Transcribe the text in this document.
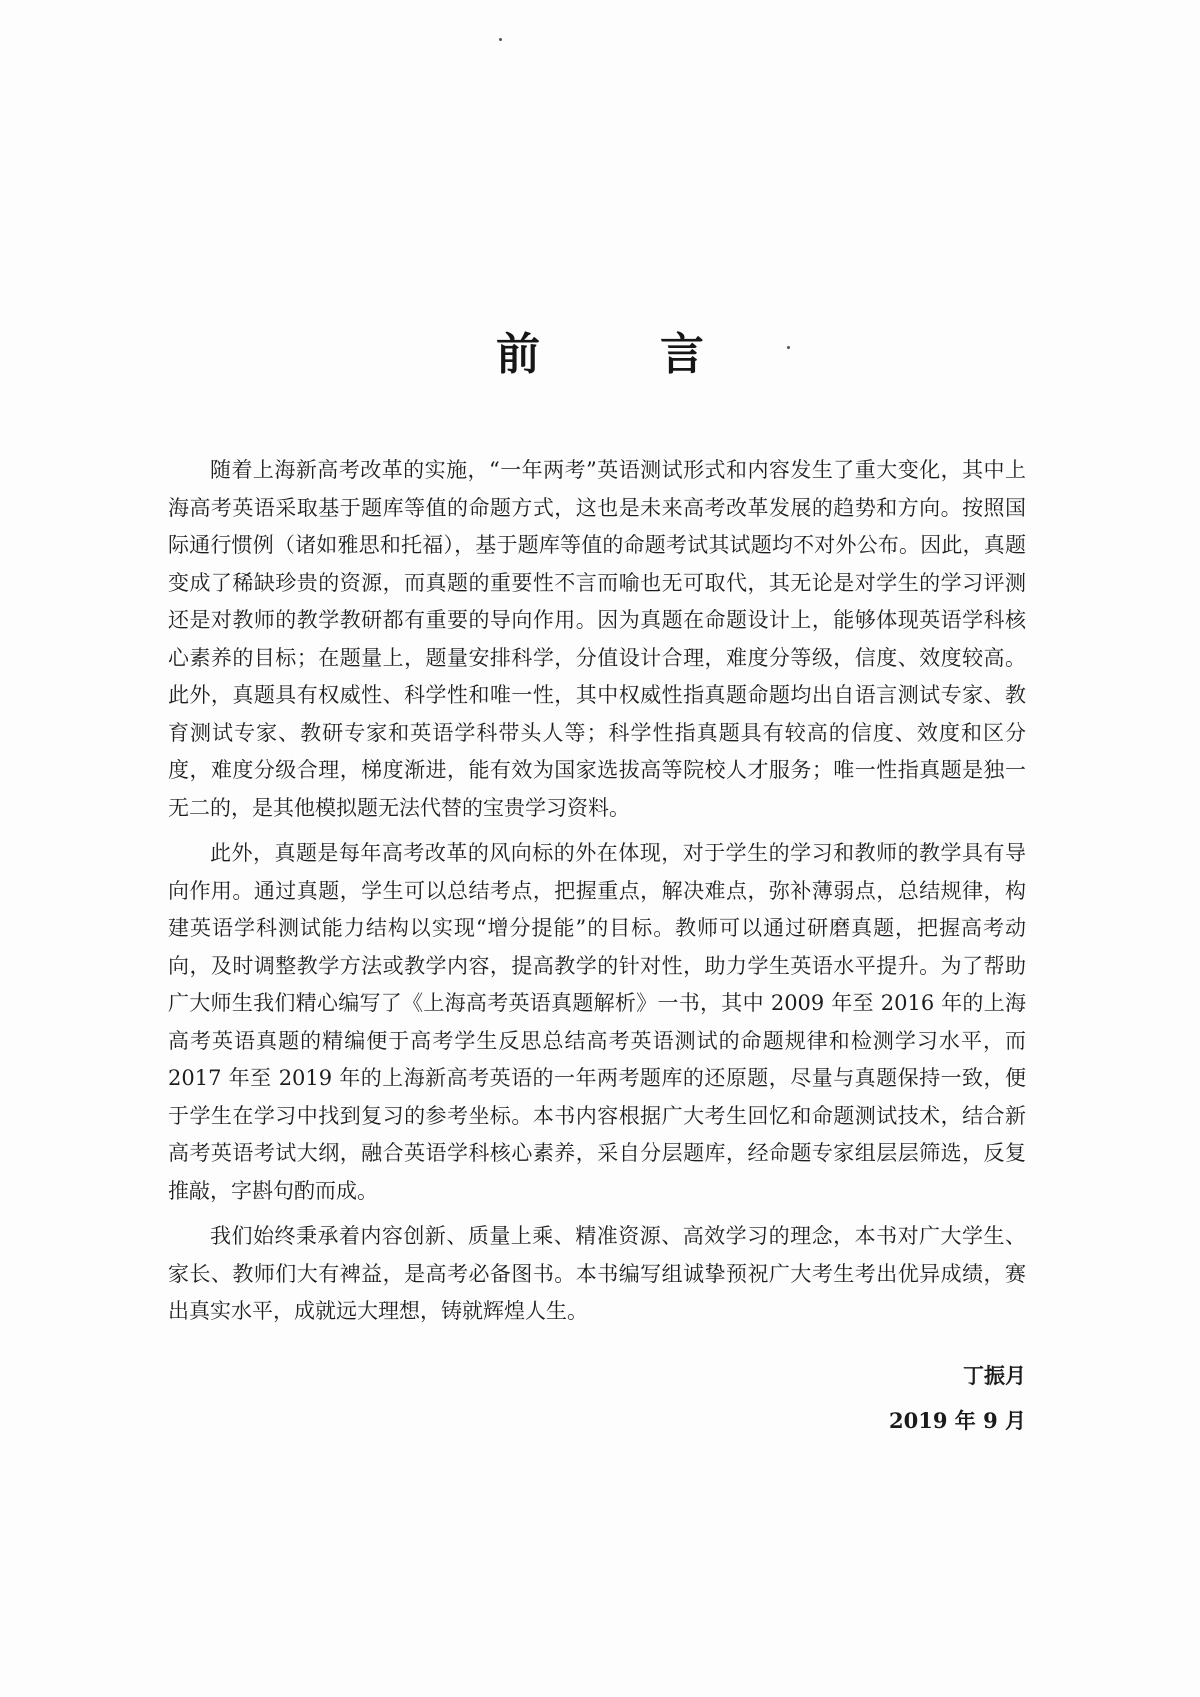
前	言

随着上海新高考改革的实施，“一年两考”英语测试形式和内容发生了重大变化，其中上海高考英语采取基于题库等值的命题方式，这也是未来高考改革发展的趋势和方向。按照国际通行惯例（诸如雅思和托福），基于题库等值的命题考试其试题均不对外公布。因此，真题变成了稀缺珍贵的资源，而真题的重要性不言而喻也无可取代，其无论是对学生的学习评测还是对教师的教学教研都有重要的导向作用。因为真题在命题设计上，能够体现英语学科核心素养的目标；在题量上，题量安排科学，分值设计合理，难度分等级，信度、效度较高。此外，真题具有权威性、科学性和唯一性，其中权威性指真题命题均出自语言测试专家、教育测试专家、教研专家和英语学科带头人等；科学性指真题具有较高的信度、效度和区分度，难度分级合理，梯度渐进，能有效为国家选拔高等院校人才服务；唯一性指真题是独一无二的，是其他模拟题无法代替的宝贵学习资料。

此外，真题是每年高考改革的风向标的外在体现，对于学生的学习和教师的教学具有导向作用。通过真题，学生可以总结考点，把握重点，解决难点，弥补薄弱点，总结规律，构建英语学科测试能力结构以实现“增分提能”的目标。教师可以通过研磨真题，把握高考动向，及时调整教学方法或教学内容，提高教学的针对性，助力学生英语水平提升。为了帮助广大师生我们精心编写了《上海高考英语真题解析》一书，其中 2009 年至 2016 年的上海高考英语真题的精编便于高考学生反思总结高考英语测试的命题规律和检测学习水平，而 2017 年至 2019 年的上海新高考英语的一年两考题库的还原题，尽量与真题保持一致，便于学生在学习中找到复习的参考坐标。本书内容根据广大考生回忆和命题测试技术，结合新高考英语考试大纲，融合英语学科核心素养，采自分层题库，经命题专家组层层筛选，反复推敲，字斟句酌而成。

我们始终秉承着内容创新、质量上乘、精准资源、高效学习的理念，本书对广大学生、家长、教师们大有裨益，是高考必备图书。本书编写组诚挚预祝广大考生考出优异成绩，赛出真实水平，成就远大理想，铸就辉煌人生。

丁振月
2019 年 9 月
